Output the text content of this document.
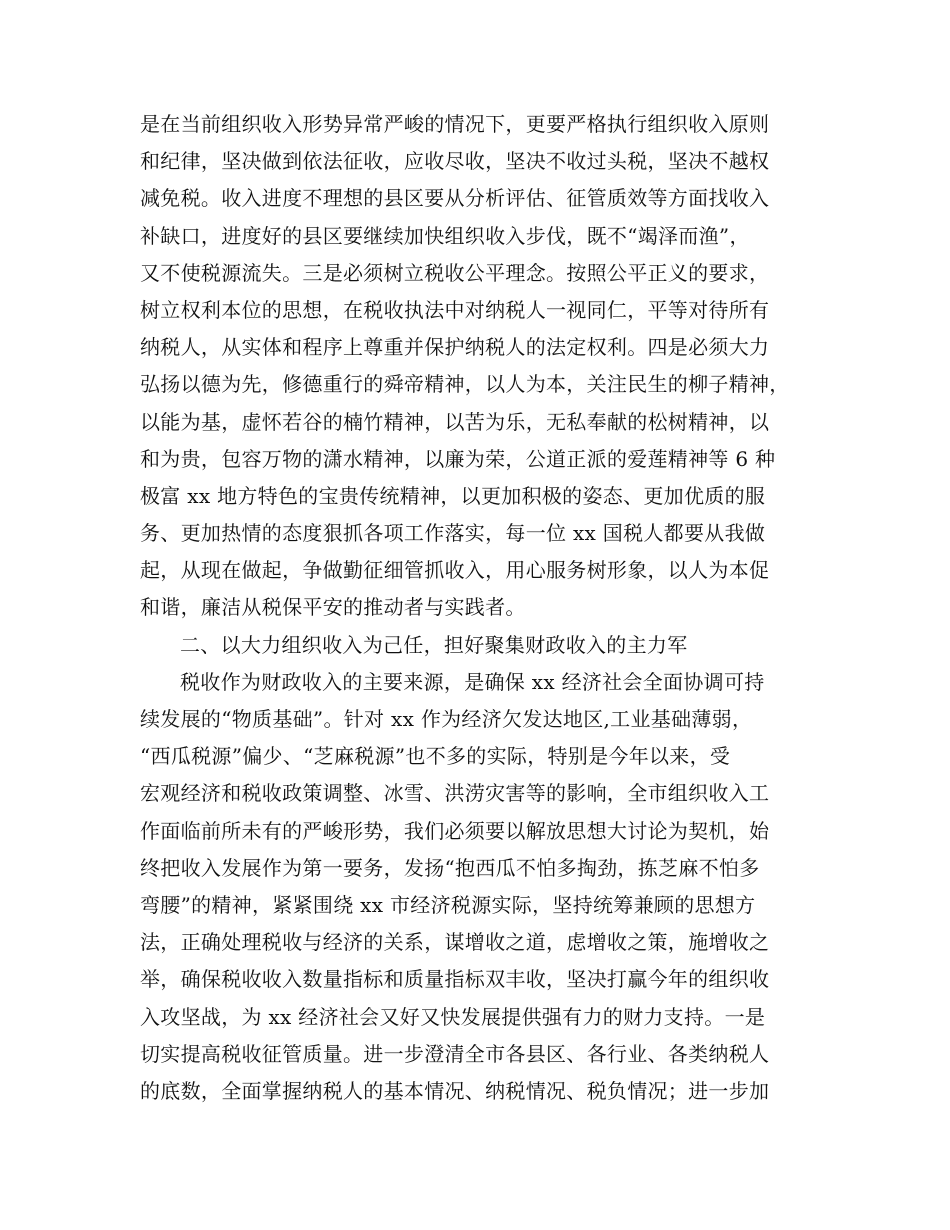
是在当前组织收入形势异常严峻的情况下，更要严格执行组织收入原则
和纪律，坚决做到依法征收，应收尽收，坚决不收过头税，坚决不越权
减免税。收入进度不理想的县区要从分析评估、征管质效等方面找收入
补缺口，进度好的县区要继续加快组织收入步伐，既不“竭泽而渔”，
又不使税源流失。三是必须树立税收公平理念。按照公平正义的要求，
树立权利本位的思想，在税收执法中对纳税人一视同仁，平等对待所有
纳税人，从实体和程序上尊重并保护纳税人的法定权利。四是必须大力
弘扬以德为先，修德重行的舜帝精神，以人为本，关注民生的柳子精神，
以能为基，虚怀若谷的楠竹精神，以苦为乐，无私奉献的松树精神，以
和为贵，包容万物的潇水精神，以廉为荣，公道正派的爱莲精神等 6 种
极富 xx 地方特色的宝贵传统精神，以更加积极的姿态、更加优质的服
务、更加热情的态度狠抓各项工作落实，每一位 xx 国税人都要从我做
起，从现在做起，争做勤征细管抓收入，用心服务树形象，以人为本促
和谐，廉洁从税保平安的推动者与实践者。
二、以大力组织收入为己任，担好聚集财政收入的主力军
税收作为财政收入的主要来源，是确保 xx 经济社会全面协调可持
续发展的“物质基础”。针对 xx 作为经济欠发达地区,工业基础薄弱，
“西瓜税源”偏少、“芝麻税源”也不多的实际，特别是今年以来，受
宏观经济和税收政策调整、冰雪、洪涝灾害等的影响，全市组织收入工
作面临前所未有的严峻形势，我们必须要以解放思想大讨论为契机，始
终把收入发展作为第一要务，发扬“抱西瓜不怕多掏劲，拣芝麻不怕多
弯腰”的精神，紧紧围绕 xx 市经济税源实际，坚持统筹兼顾的思想方
法，正确处理税收与经济的关系，谋增收之道，虑增收之策，施增收之
举，确保税收收入数量指标和质量指标双丰收，坚决打赢今年的组织收
入攻坚战，为 xx 经济社会又好又快发展提供强有力的财力支持。一是
切实提高税收征管质量。进一步澄清全市各县区、各行业、各类纳税人
的底数，全面掌握纳税人的基本情况、纳税情况、税负情况；进一步加
